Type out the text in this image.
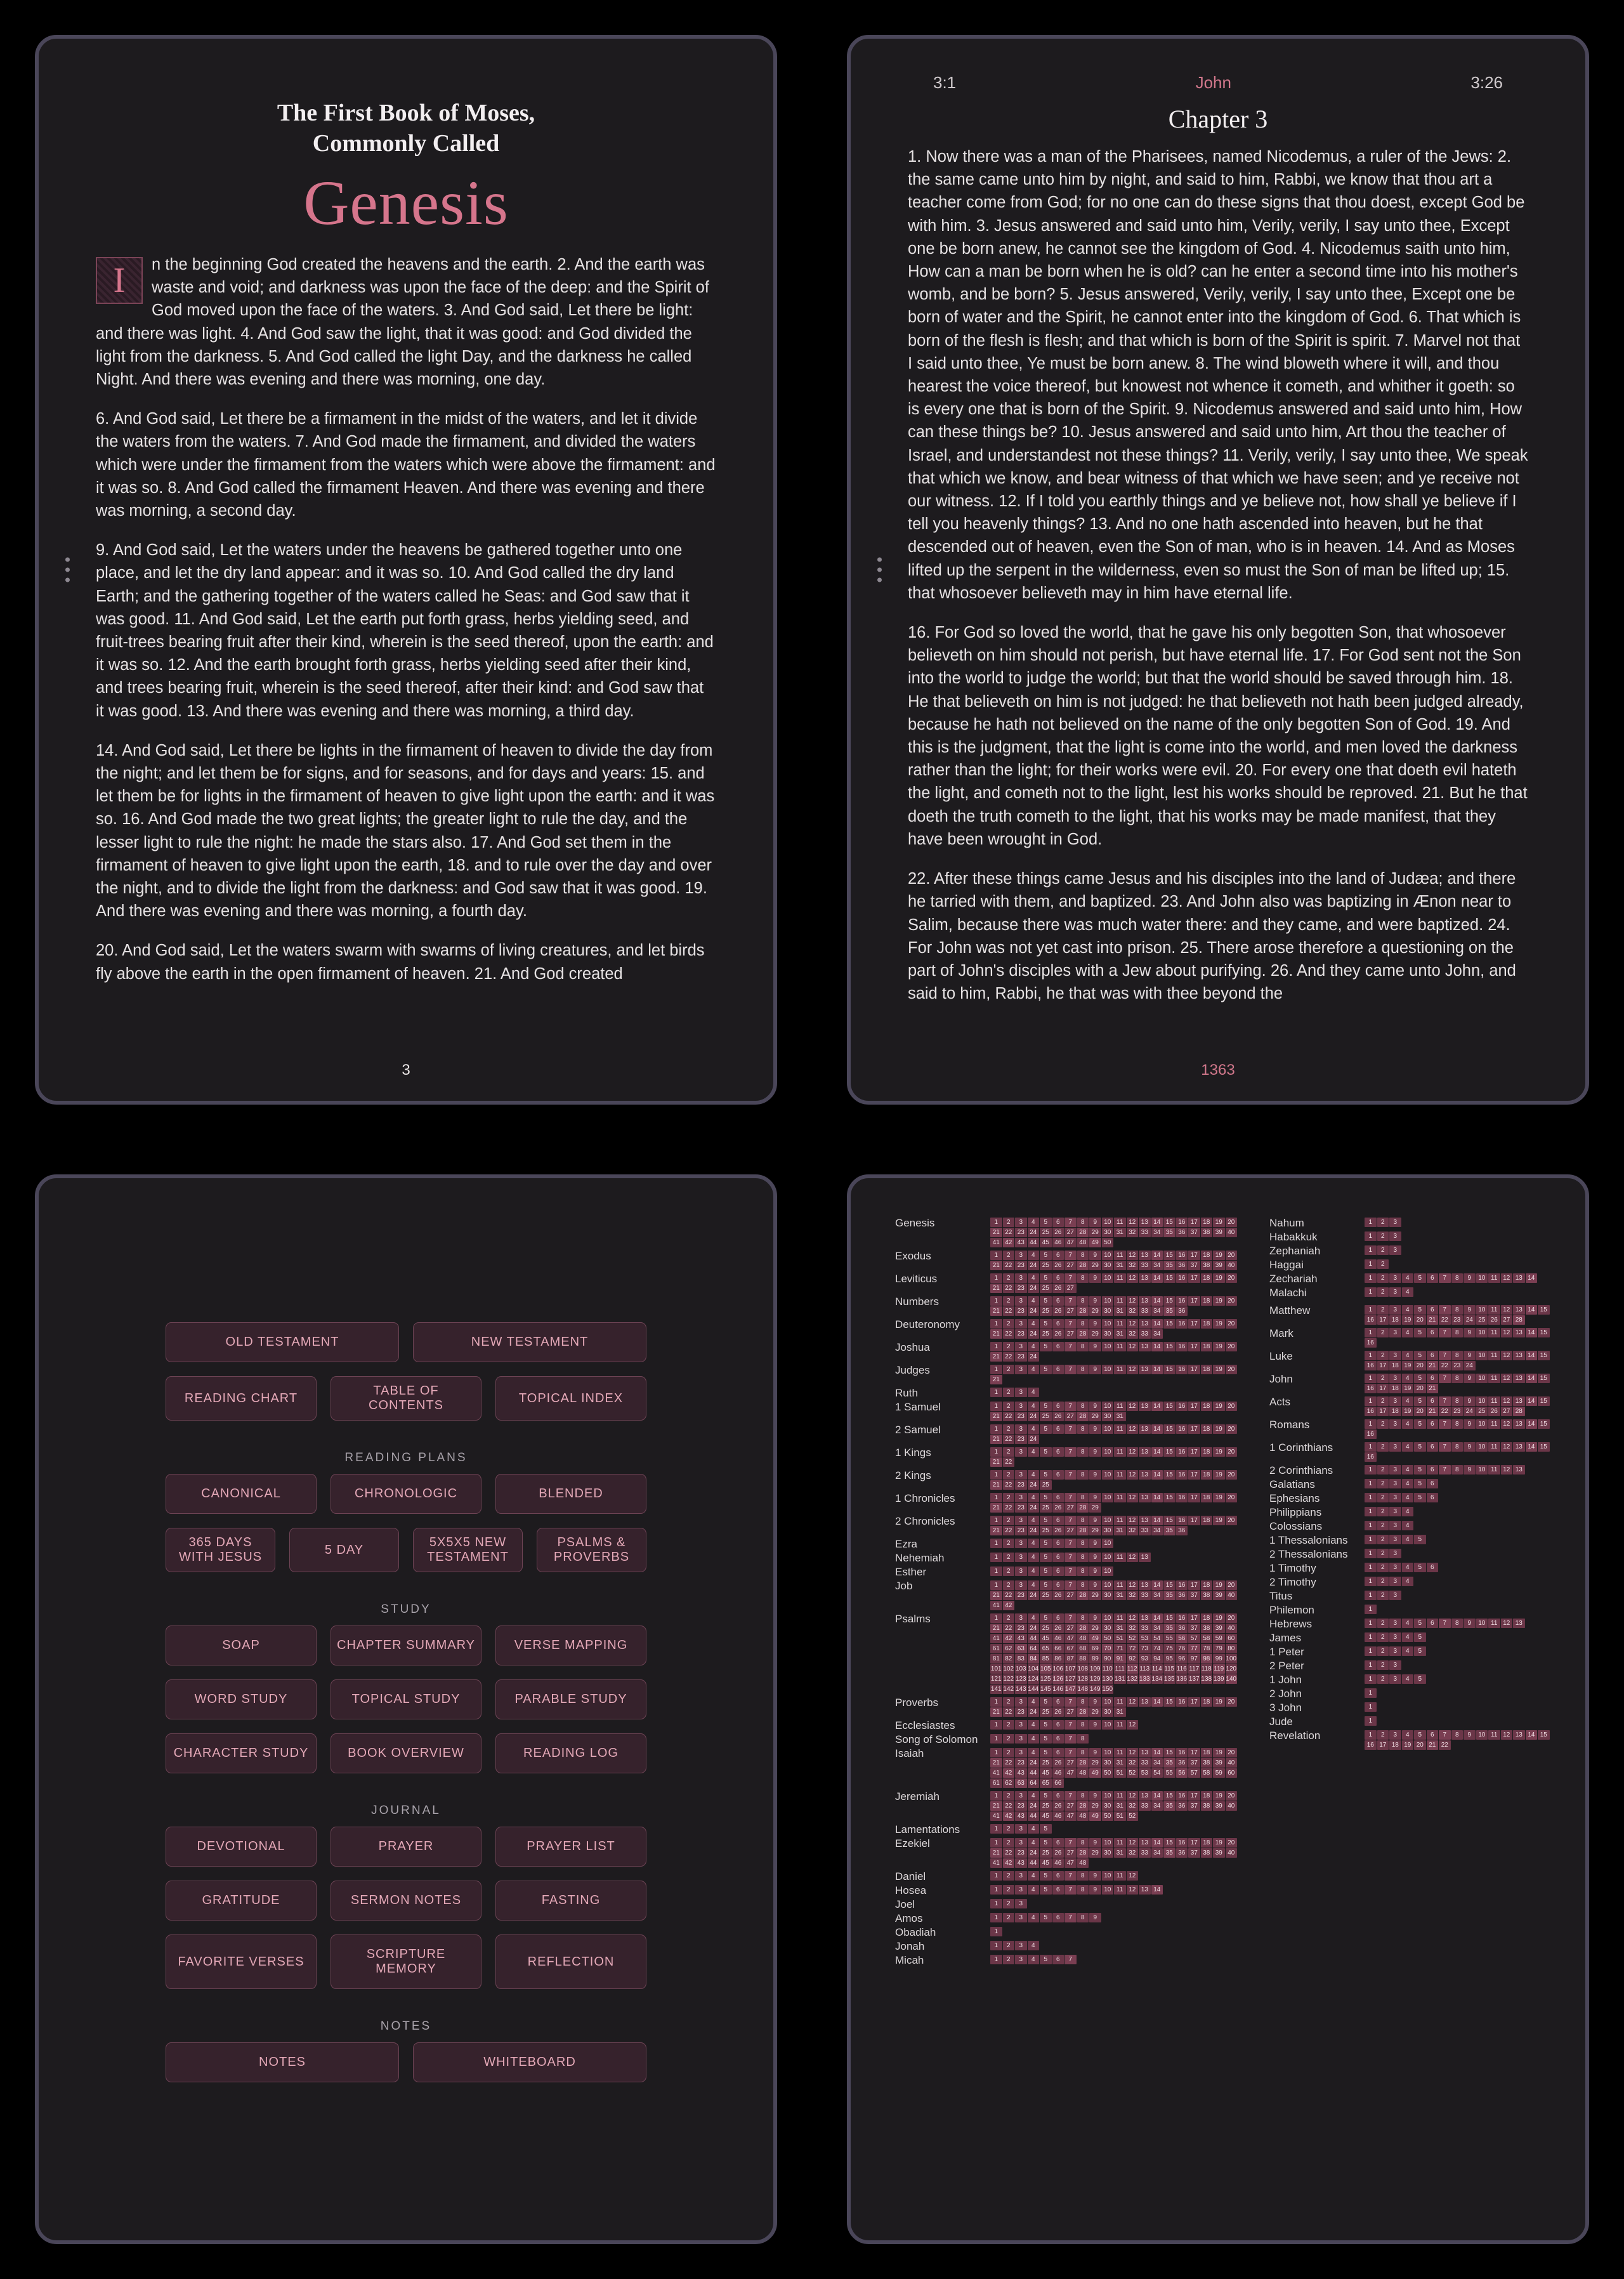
The First Book of Moses,
Commonly Called
Genesis

I	n the beginning God created the heavens and the earth. 2. And the earth was waste and void; and darkness was upon the face of the deep: and the Spirit of God moved upon the face of the waters. 3. And God said, Let there be light: and there was light. 4. And God saw the light, that it was good: and God divided the light from the darkness. 5. And God called the light Day, and the darkness he called Night. And there was evening and there was morning, one day.

6. And God said, Let there be a firmament in the midst of the waters, and let it divide the waters from the waters. 7. And God made the firmament, and divided the waters which were under the firmament from the waters which were above the firmament: and it was so. 8. And God called the firmament Heaven. And there was evening and there was morning, a second day.

9. And God said, Let the waters under the heavens be gathered together unto one place, and let the dry land appear: and it was so. 10. And God called the dry land Earth; and the gathering together of the waters called he Seas: and God saw that it was good. 11. And God said, Let the earth put forth grass, herbs yielding seed, and fruit-trees bearing fruit after their kind, wherein is the seed thereof, upon the earth: and it was so. 12. And the earth brought forth grass, herbs yielding seed after their kind, and trees bearing fruit, wherein is the seed thereof, after their kind: and God saw that it was good. 13. And there was evening and there was morning, a third day.

14. And God said, Let there be lights in the firmament of heaven to divide the day from the night; and let them be for signs, and for seasons, and for days and years: 15. and let them be for lights in the firmament of heaven to give light upon the earth: and it was so. 16. And God made the two great lights; the greater light to rule the day, and the lesser light to rule the night: he made the stars also. 17. And God set them in the firmament of heaven to give light upon the earth, 18. and to rule over the day and over the night, and to divide the light from the darkness: and God saw that it was good. 19. And there was evening and there was morning, a fourth day.

20. And God said, Let the waters swarm with swarms of living creatures, and let birds fly above the earth in the open firmament of heaven. 21. And God created

3
3:1	John	3:26
Chapter 3

1. Now there was a man of the Pharisees, named Nicodemus, a ruler of the Jews: 2. the same came unto him by night, and said to him, Rabbi, we know that thou art a teacher come from God; for no one can do these signs that thou doest, except God be with him. 3. Jesus answered and said unto him, Verily, verily, I say unto thee, Except one be born anew, he cannot see the kingdom of God. 4. Nicodemus saith unto him, How can a man be born when he is old? can he enter a second time into his mother's womb, and be born? 5. Jesus answered, Verily, verily, I say unto thee, Except one be born of water and the Spirit, he cannot enter into the kingdom of God. 6. That which is born of the flesh is flesh; and that which is born of the Spirit is spirit. 7. Marvel not that I said unto thee, Ye must be born anew. 8. The wind bloweth where it will, and thou hearest the voice thereof, but knowest not whence it cometh, and whither it goeth: so is every one that is born of the Spirit. 9. Nicodemus answered and said unto him, How can these things be? 10. Jesus answered and said unto him, Art thou the teacher of Israel, and understandest not these things? 11. Verily, verily, I say unto thee, We speak that which we know, and bear witness of that which we have seen; and ye receive not our witness. 12. If I told you earthly things and ye believe not, how shall ye believe if I tell you heavenly things? 13. And no one hath ascended into heaven, but he that descended out of heaven, even the Son of man, who is in heaven. 14. And as Moses lifted up the serpent in the wilderness, even so must the Son of man be lifted up; 15. that whosoever believeth may in him have eternal life.

16. For God so loved the world, that he gave his only begotten Son, that whosoever believeth on him should not perish, but have eternal life. 17. For God sent not the Son into the world to judge the world; but that the world should be saved through him. 18. He that believeth on him is not judged: he that believeth not hath been judged already, because he hath not believed on the name of the only begotten Son of God. 19. And this is the judgment, that the light is come into the world, and men loved the darkness rather than the light; for their works were evil. 20. For every one that doeth evil hateth the light, and cometh not to the light, lest his works should be reproved. 21. But he that doeth the truth cometh to the light, that his works may be made manifest, that they have been wrought in God.

22. After these things came Jesus and his disciples into the land of Judæa; and there he tarried with them, and baptized. 23. And John also was baptizing in Ænon near to Salim, because there was much water there: and they came, and were baptized. 24. For John was not yet cast into prison. 25. There arose therefore a questioning on the part of John's disciples with a Jew about purifying. 26. And they came unto John, and said to him, Rabbi, he that was with thee beyond the

1363
OLD TESTAMENT	NEW TESTAMENT
READING CHART
TABLE OF CONTENTS
TOPICAL INDEX
READING PLANS
CANONICAL	CHRONOLOGIC	BLENDED
365 DAYS WITH JESUS
5 DAY
5X5X5 NEW TESTAMENT
PSALMS & PROVERBS
STUDY
SOAP	CHAPTER SUMMARY	VERSE MAPPING
WORD STUDY	TOPICAL STUDY	PARABLE STUDY
CHARACTER STUDY	BOOK OVERVIEW	READING LOG
JOURNAL
DEVOTIONAL	PRAYER	PRAYER LIST
GRATITUDE	SERMON NOTES	FASTING
FAVORITE VERSES
SCRIPTURE MEMORY
REFLECTION
NOTES
NOTES	WHITEBOARD
Genesis	1	2	3	4	5	6	7	8	9	10 11 12 13 14 15 16 17 18 19 20
21 22 23 24 25 26 27 28 29 30 31 32 33 34 35 36 37 38 39 40
41 42 43 44 45 46 47 48 49 50
Exodus	1	2	3	4	5	6	7	8	9	10 11 12 13 14 15 16 17 18 19 20
21 22 23 24 25 26 27 28 29 30 31 32 33 34 35 36 37 38 39 40
Leviticus	1	2	3	4	5	6	7	8	9	10 11 12 13 14 15 16 17 18 19 20
21 22 23 24 25 26 27
Numbers	1	2	3	4	5	6	7	8	9	10 11 12 13 14 15 16 17 18 19 20
21 22 23 24 25 26 27 28 29 30 31 32 33 34 35 36
Deuteronomy	1	2	3	4	5	6	7	8	9	10 11 12 13 14 15 16 17 18 19 20
21 22 23 24 25 26 27 28 29 30 31 32 33 34
Joshua	1	2	3	4	5	6	7	8	9	10 11 12 13 14 15 16 17 18 19 20
21 22 23 24
Judges	1	2	3	4	5	6	7	8	9	10 11 12 13 14 15 16 17 18 19 20
21
Ruth	1	2	3	4
1 Samuel	1	2	3	4	5	6	7	8	9	10 11 12 13 14 15 16 17 18 19 20
21 22 23 24 25 26 27 28 29 30 31
2 Samuel	1	2	3	4	5	6	7	8	9	10 11 12 13 14 15 16 17 18 19 20
21 22 23 24
1 Kings	1	2	3	4	5	6	7	8	9	10 11 12 13 14 15 16 17 18 19 20
21 22
2 Kings	1	2	3	4	5	6	7	8	9	10 11 12 13 14 15 16 17 18 19 20
21 22 23 24 25
1 Chronicles	1	2	3	4	5	6	7	8	9	10 11 12 13 14 15 16 17 18 19 20
21 22 23 24 25 26 27 28 29
2 Chronicles	1	2	3	4	5	6	7	8	9	10 11 12 13 14 15 16 17 18 19 20
21 22 23 24 25 26 27 28 29 30 31 32 33 34 35 36
Ezra	1	2	3	4	5	6	7	8	9	10
Nehemiah	1	2	3	4	5	6	7	8	9	10 11 12 13
Esther	1	2	3	4	5	6	7	8	9	10
Job	1	2	3	4	5	6	7	8	9	10 11 12 13 14 15 16 17 18 19 20
21 22 23 24 25 26 27 28 29 30 31 32 33 34 35 36 37 38 39 40
41 42
Psalms	1	2	3	4	5	6	7	8	9	10 11 12 13 14 15 16 17 18 19 20
21 22 23 24 25 26 27 28 29 30 31 32 33 34 35 36 37 38 39 40
41 42 43 44 45 46 47 48 49 50 51 52 53 54 55 56 57 58 59 60
61 62 63 64 65 66 67 68 69 70 71 72 73 74 75 76 77 78 79 80
81 82 83 84 85 86 87 88 89 90 91 92 93 94 95 96 97 98 99 100
101 102 103 104 105 106 107 108 109 110 111 112 113 114 115 116 117 118 119 120
121 122 123 124 125 126 127 128 129 130 131 132 133 134 135 136 137 138 139 140
141 142 143 144 145 146 147 148 149 150
Proverbs	1	2	3	4	5	6	7	8	9	10 11 12 13 14 15 16 17 18 19 20
21 22 23 24 25 26 27 28 29 30 31
Ecclesiastes	1	2	3	4	5	6	7	8	9	10 11 12
Song of Solomon	1	2	3	4	5	6	7	8
Isaiah	1	2	3	4	5	6	7	8	9	10 11 12 13 14 15 16 17 18 19 20
21 22 23 24 25 26 27 28 29 30 31 32 33 34 35 36 37 38 39 40
41 42 43 44 45 46 47 48 49 50 51 52 53 54 55 56 57 58 59 60
61 62 63 64 65 66
Jeremiah	1	2	3	4	5	6	7	8	9	10 11 12 13 14 15 16 17 18 19 20
21 22 23 24 25 26 27 28 29 30 31 32 33 34 35 36 37 38 39 40
41 42 43 44 45 46 47 48 49 50 51 52
Lamentations	1	2	3	4	5
Ezekiel	1	2	3	4	5	6	7	8	9	10 11 12 13 14 15 16 17 18 19 20
21 22 23 24 25 26 27 28 29 30 31 32 33 34 35 36 37 38 39 40
41 42 43 44 45 46 47 48
Daniel	1	2	3	4	5	6	7	8	9	10 11 12
Hosea	1	2	3	4	5	6	7	8	9	10 11 12 13 14
Joel	1	2	3
Amos	1	2	3	4	5	6	7	8	9
Obadiah	1
Jonah	1	2	3	4
Micah	1	2	3	4	5	6	7
Nahum	1	2	3
Habakkuk	1	2	3
Zephaniah	1	2	3
Haggai	1	2
Zechariah	1	2	3	4	5	6	7	8	9	10 11 12 13 14
Malachi	1	2	3	4
Matthew	1	2	3	4	5	6	7	8	9	10 11 12 13 14 15
16 17 18 19 20 21 22 23 24 25 26 27 28
Mark	1	2	3	4	5	6	7	8	9	10 11 12 13 14 15
16
Luke	1	2	3	4	5	6	7	8	9	10 11 12 13 14 15
16 17 18 19 20 21 22 23 24
John	1	2	3	4	5	6	7	8	9	10 11 12 13 14 15
16 17 18 19 20 21
Acts	1	2	3	4	5	6	7	8	9	10 11 12 13 14 15
16 17 18 19 20 21 22 23 24 25 26 27 28
Romans	1	2	3	4	5	6	7	8	9	10 11 12 13 14 15
16
1 Corinthians	1	2	3	4	5	6	7	8	9	10 11 12 13 14 15
16
2 Corinthians	1	2	3	4	5	6	7	8	9	10 11 12 13
Galatians	1	2	3	4	5	6
Ephesians	1	2	3	4	5	6
Philippians	1	2	3	4
Colossians	1	2	3	4
1 Thessalonians	1	2	3	4	5
2 Thessalonians	1	2	3
1 Timothy	1	2	3	4	5	6
2 Timothy	1	2	3	4
Titus	1	2	3
Philemon	1
Hebrews	1	2	3	4	5	6	7	8	9	10 11 12 13
James	1	2	3	4	5
1 Peter	1	2	3	4	5
2 Peter	1	2	3
1 John	1	2	3	4	5
2 John	1
3 John	1
Jude	1
Revelation	1	2	3	4	5	6	7	8	9	10 11 12 13 14 15
16 17 18 19 20 21 22
